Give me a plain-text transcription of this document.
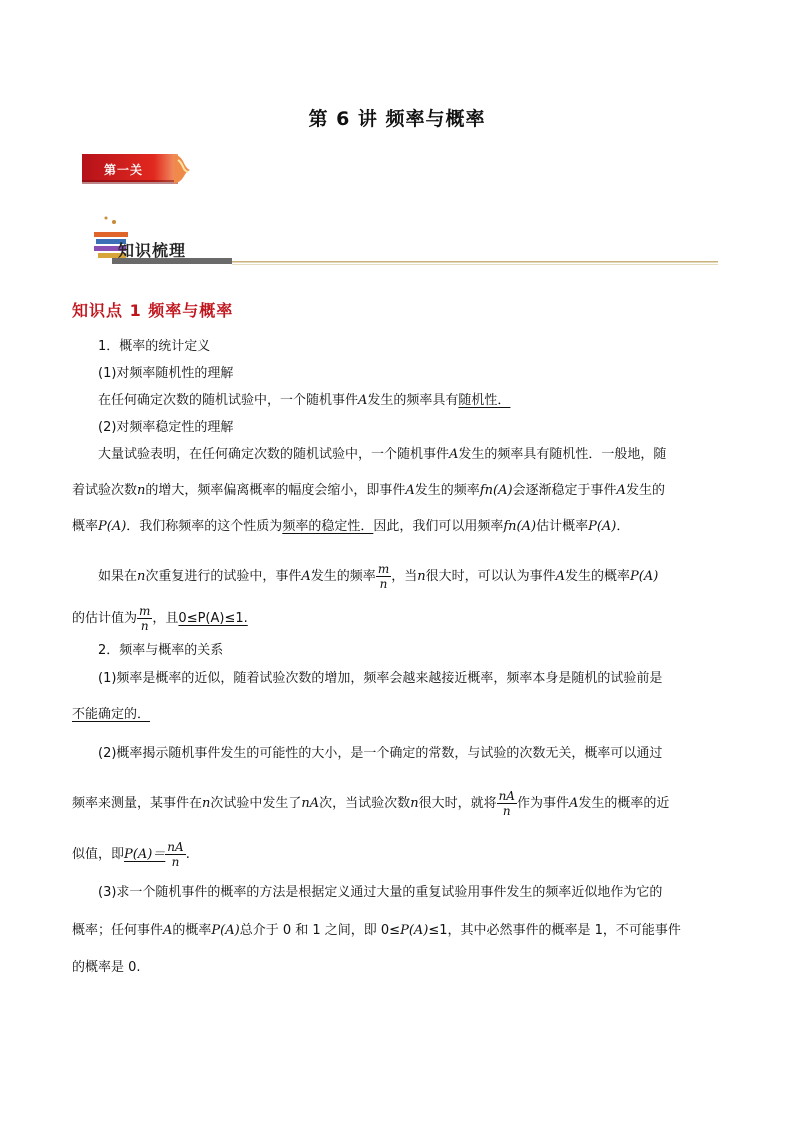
第 6 讲 频率与概率
第一关
知识梳理
知识点 1 频率与概率
1．概率的统计定义
(1)对频率随机性的理解
在任何确定次数的随机试验中，一个随机事件A发生的频率具有随机性．
(2)对频率稳定性的理解
大量试验表明，在任何确定次数的随机试验中，一个随机事件A发生的频率具有随机性．一般地，随
着试验次数n的增大，频率偏离概率的幅度会缩小，即事件A发生的频率fn(A)会逐渐稳定于事件A发生的
概率P(A)．我们称频率的这个性质为频率的稳定性．因此，我们可以用频率fn(A)估计概率P(A)．
如果在n次重复进行的试验中，事件A发生的频率 $\frac{m}{n}$ ，当n很大时，可以认为事件A发生的概率P(A)
的估计值为 $\frac{m}{n}$ ，且0≤P(A)≤1.
2．频率与概率的关系
(1)频率是概率的近似，随着试验次数的增加，频率会越来越接近概率，频率本身是随机的试验前是
不能确定的．
(2)概率揭示随机事件发生的可能性的大小，是一个确定的常数，与试验的次数无关，概率可以通过
频率来测量，某事件在n次试验中发生了nA次，当试验次数n很大时，就将 $\frac{nA}{n}$ 作为事件A发生的概率的近
似值，即$P(A)= \frac{nA}{n}$ .
(3)求一个随机事件的概率的方法是根据定义通过大量的重复试验用事件发生的频率近似地作为它的
概率；任何事件A的概率P(A)总介于 0 和 1 之间，即 0≤P(A)≤1，其中必然事件的概率是 1，不可能事件
的概率是 0.
